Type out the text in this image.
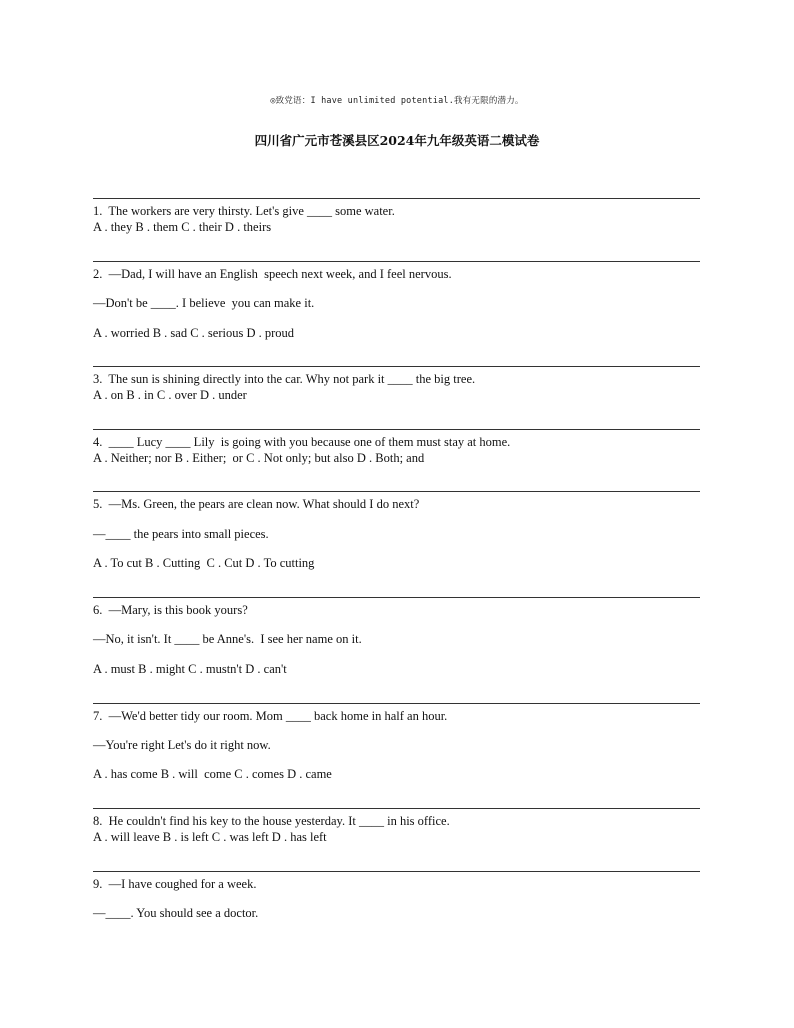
◎致党语：I have unlimited potential.我有无限的潜力。
四川省广元市苍溪县区2024年九年级英语二模试卷
1.  The workers are very thirsty. Let's give ____ some water.
A . they B . them C . their D . theirs
2.  —Dad, I will have an English  speech next week, and I feel nervous.
—Don't be ____. I believe  you can make it.
A . worried B . sad C . serious D . proud
3.  The sun is shining directly into the car. Why not park it ____ the big tree.
A . on B . in C . over D . under
4.  ____ Lucy ____ Lily  is going with you because one of them must stay at home.
A . Neither; nor B . Either;  or C . Not only; but also D . Both; and
5.  —Ms. Green, the pears are clean now. What should I do next?
—____ the pears into small pieces.
A . To cut B . Cutting  C . Cut D . To cutting
6.  —Mary, is this book yours?
—No, it isn't. It ____ be Anne's.  I see her name on it.
A . must B . might C . mustn't D . can't
7.  —We'd better tidy our room. Mom ____ back home in half an hour.
—You're right Let's do it right now.
A . has come B . will  come C . comes D . came
8.  He couldn't find his key to the house yesterday. It ____ in his office.
A . will leave B . is left C . was left D . has left
9.  —I have coughed for a week.
—____. You should see a doctor.
